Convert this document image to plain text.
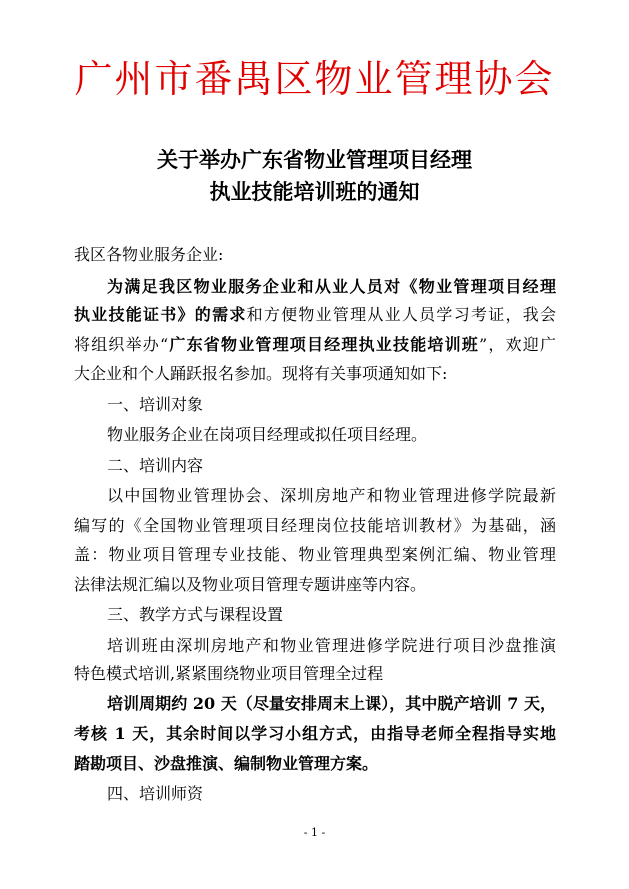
广州市番禺区物业管理协会
关于举办广东省物业管理项目经理
执业技能培训班的通知
我区各物业服务企业:
为满足我区物业服务企业和从业人员对《物业管理项目经理
执业技能证书》的需求和方便物业管理从业人员学习考证，我会
将组织举办“广东省物业管理项目经理执业技能培训班”，欢迎广
大企业和个人踊跃报名参加。现将有关事项通知如下:
一、培训对象
物业服务企业在岗项目经理或拟任项目经理。
二、培训内容
以中国物业管理协会、深圳房地产和物业管理进修学院最新
编写的《全国物业管理项目经理岗位技能培训教材》为基础，涵
盖：物业项目管理专业技能、物业管理典型案例汇编、物业管理
法律法规汇编以及物业项目管理专题讲座等内容。
三、教学方式与课程设置
培训班由深圳房地产和物业管理进修学院进行项目沙盘推演
特色模式培训,紧紧围绕物业项目管理全过程
培训周期约 20 天（尽量安排周末上课），其中脱产培训 7 天，
考核 1 天，其余时间以学习小组方式，由指导老师全程指导实地
踏勘项目、沙盘推演、编制物业管理方案。
四、培训师资
- 1 -
